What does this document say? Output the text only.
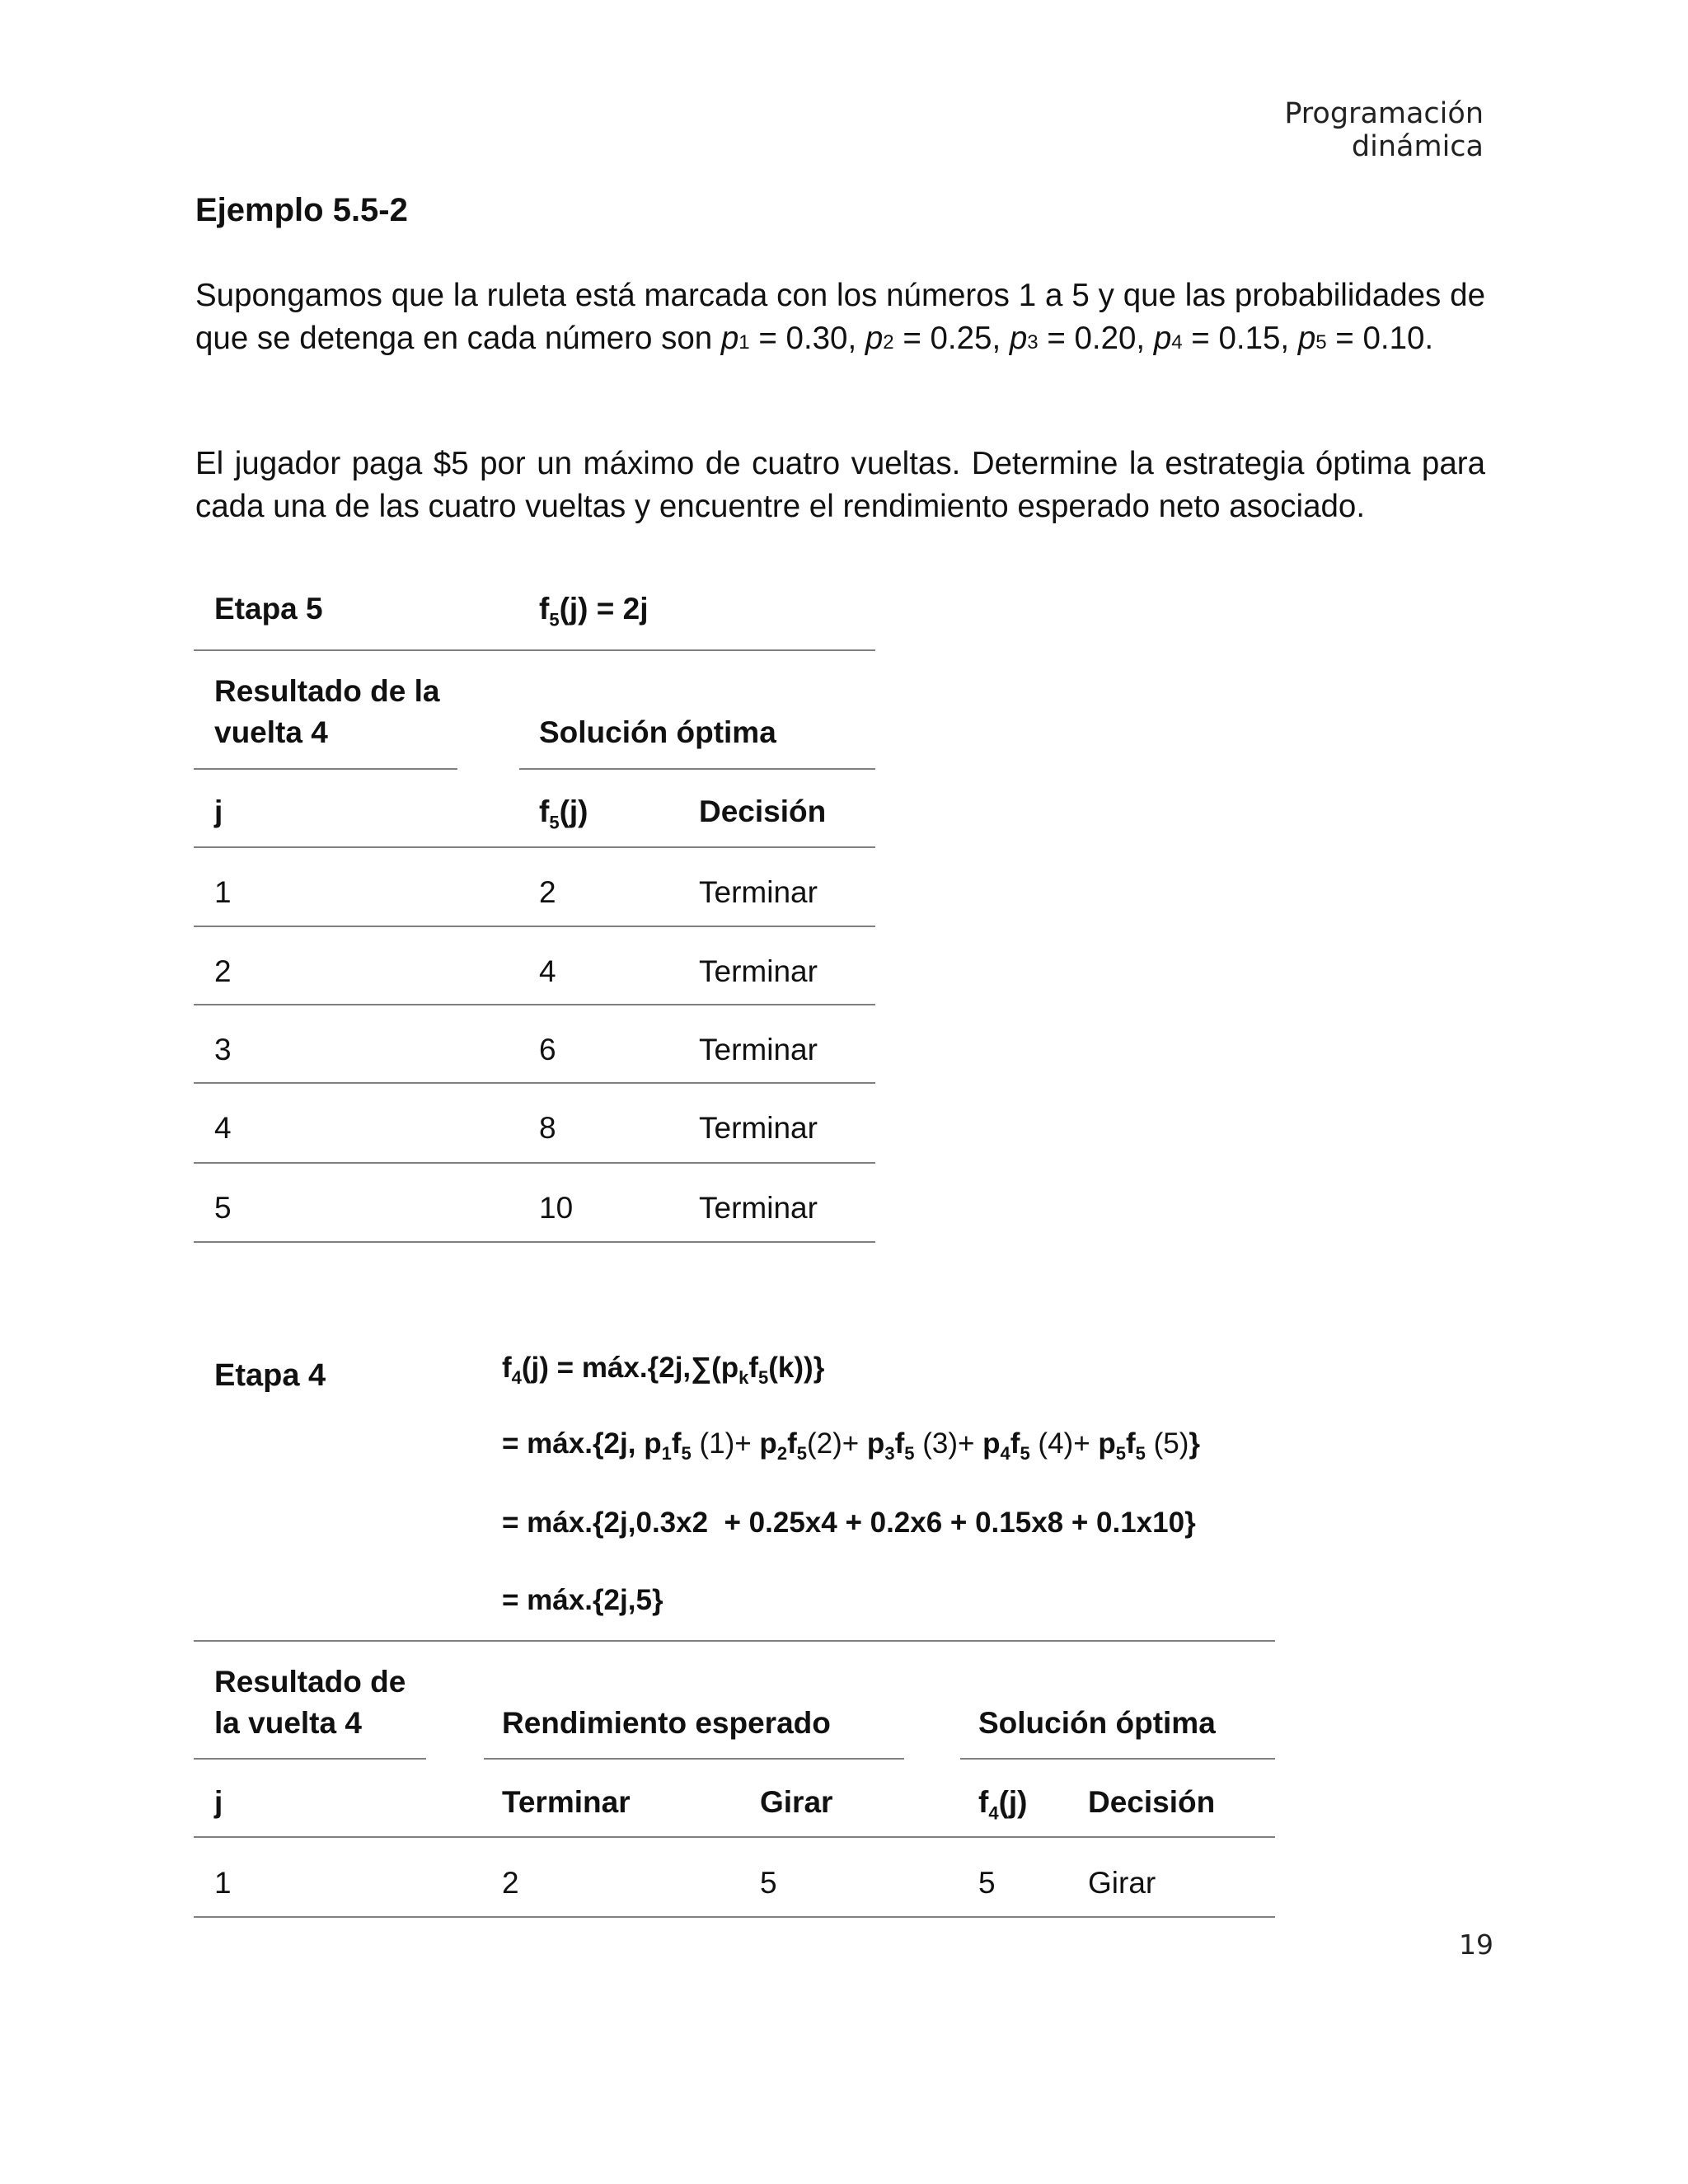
Programación dinámica
Ejemplo 5.5-2
Supongamos que la ruleta está marcada con los números 1 a 5 y que las probabilidades de que se detenga en cada número son p1 = 0.30, p2 = 0.25, p3 = 0.20, p4 = 0.15, p5 = 0.10.
El jugador paga $5 por un máximo de cuatro vueltas. Determine la estrategia óptima para cada una de las cuatro vueltas y encuentre el rendimiento esperado neto asociado.
Etapa 5	$f_5(j) = 2j$
Resultado de la
vuelta 4	Solución óptima
j	$f_5(j)$	Decisión
1	2	Terminar
2	4	Terminar
3	6	Terminar
4	8	Terminar
5	10	Terminar
Etapa 4	$f_4(j)$ = $máx.\{2j,\sum(p_kf_5(k))\}$
= máx.{2j, $p_1f_5$ $(1)+ p_2f_5(2)+ p_3f_5$ $(3)+ p_4f_5$ $(4)+ p_5f_5$ (5)}
= máx.{2j,0.3x2  + 0.25x4 + 0.2x6 + 0.15x8 + 0.1x10}
= máx.{2j,5}
Resultado de
la vuelta 4	Rendimiento esperado	Solución óptima
j	Terminar	Girar	$f_4(j)$ Decisión
1	2	5	5	Girar
19
